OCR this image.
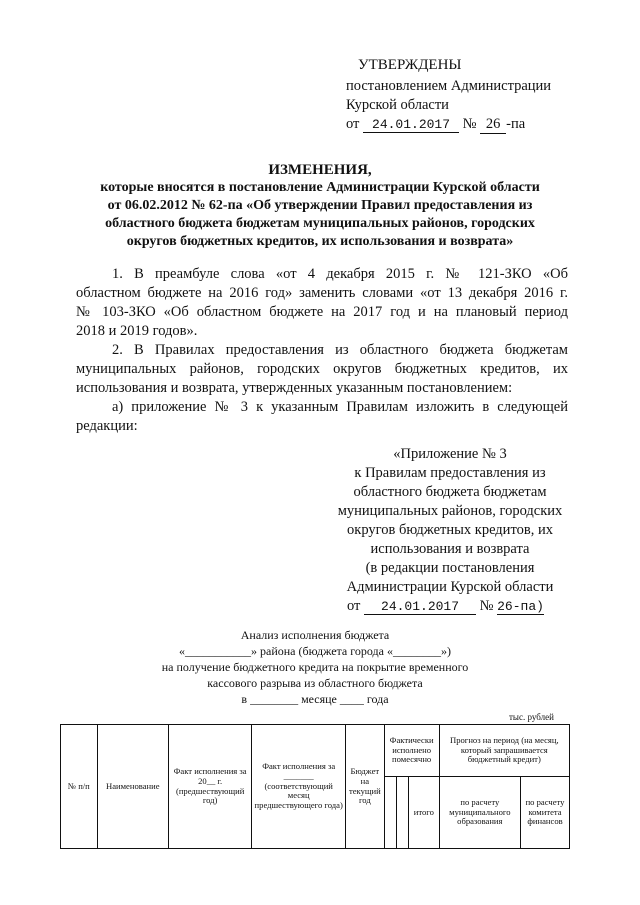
УТВЕРЖДЕНЫ
постановлением Администрации
Курской области
от 24.01.2017 № 26 -па
ИЗМЕНЕНИЯ,
которые вносятся в постановление Администрации Курской области
от 06.02.2012 № 62-па «Об утверждении Правил предоставления из
областного бюджета бюджетам муниципальных районов, городских
округов бюджетных кредитов, их использования и возврата»
1. В преамбуле слова «от 4 декабря 2015 г. № 121-ЗКО «Об
областном бюджете на 2016 год» заменить словами «от 13 декабря 2016 г.
№ 103-ЗКО «Об областном бюджете на 2017 год и на плановый период
2018 и 2019 годов».
2. В Правилах предоставления из областного бюджета бюджетам
муниципальных районов, городских округов бюджетных кредитов, их
использования и возврата, утвержденных указанным постановлением:
а) приложение № 3 к указанным Правилам изложить в следующей
редакции:
«Приложение № 3
к Правилам предоставления из
областного бюджета бюджетам
муниципальных районов, городских
округов бюджетных кредитов, их
использования и возврата
(в редакции постановления
Администрации Курской области
от 24.01.2017 № 26-па)
Анализ исполнения бюджета
«___________» района (бюджета города «________»)
на получение бюджетного кредита на покрытие временного
кассового разрыва из областного бюджета
в ________ месяце ____ года
тыс. рублей
№ п/п	Наименование	Факт исполнения за 20__ г. (предшествующий год)	Факт исполнения за _______ (соответствующий месяц предшествующего года)	Бюджет на текущий год	Фактически исполнено помесячно			Прогноз на период (на месяц, который запрашивается бюджетный кредит)	
							итого	по расчету муниципального образования	по расчету комитета финансов
